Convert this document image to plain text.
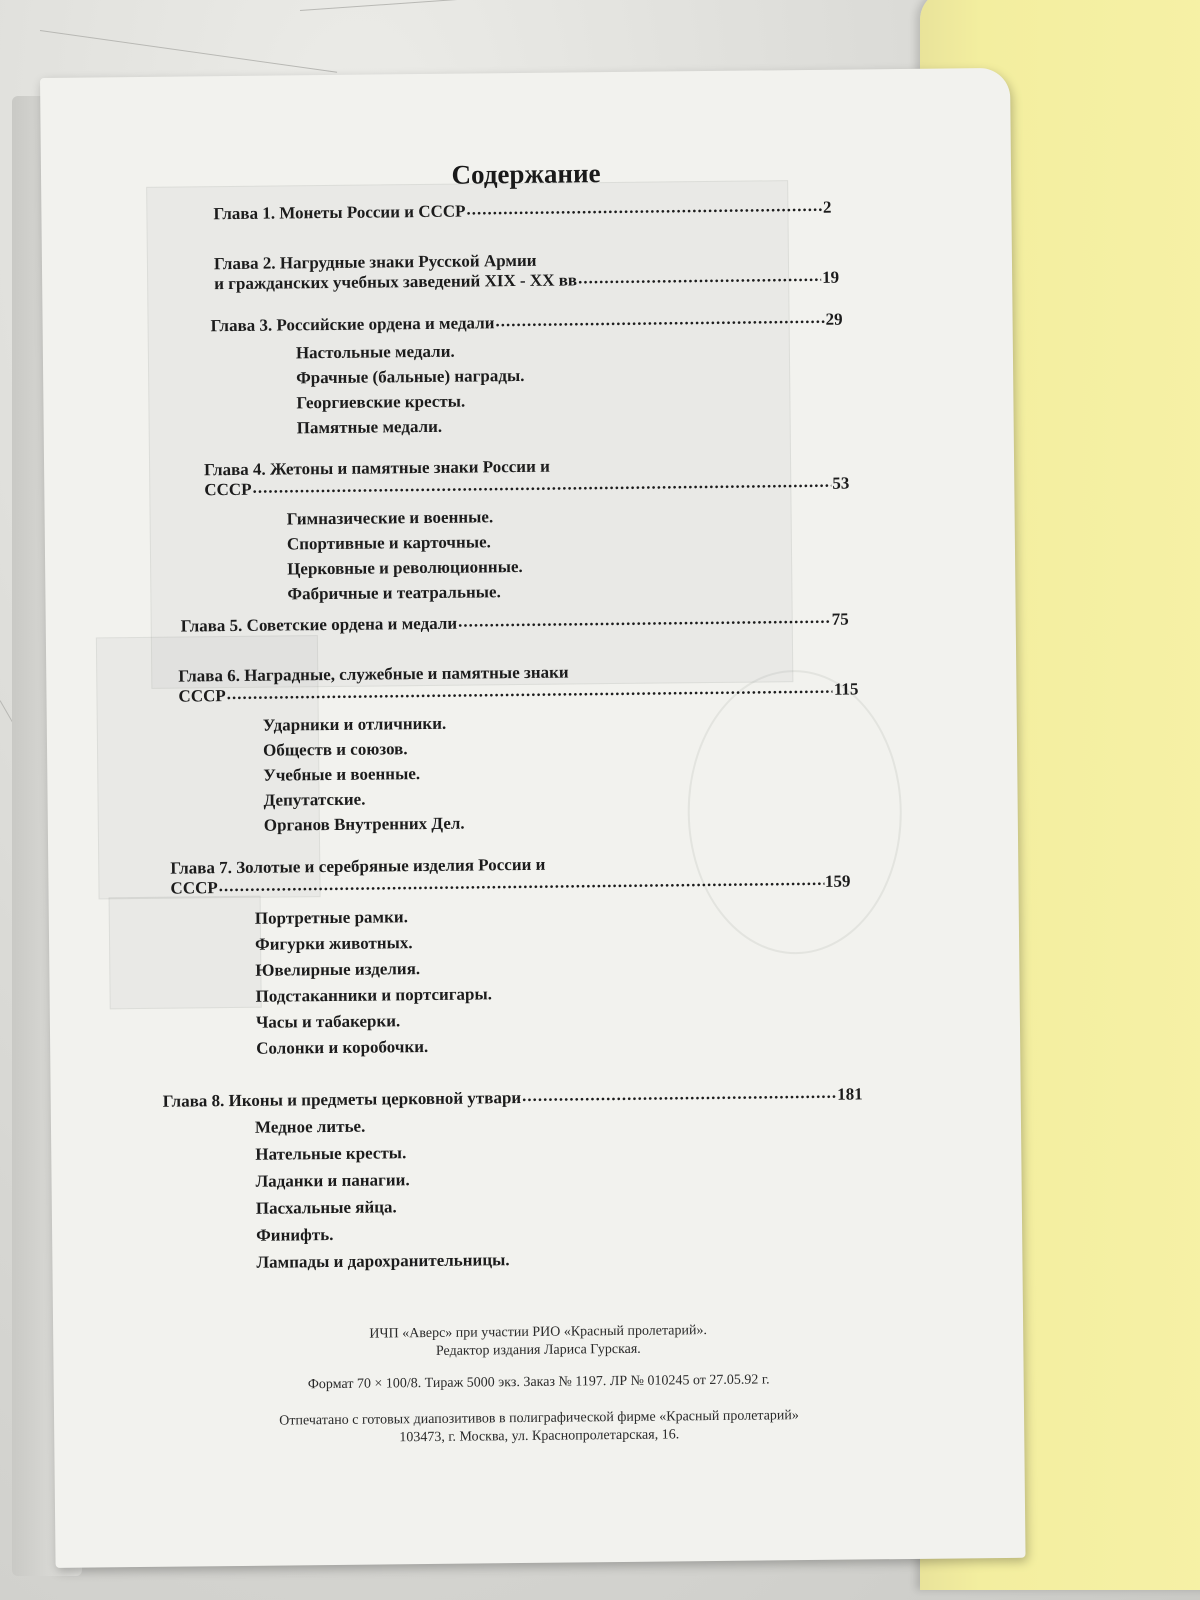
Содержание
Глава 1. Монеты России и СССР .....	2
Глава 2. Нагрудные знаки Русской Армии
и гражданских учебных заведений XIX - XX вв .....	19
Глава 3. Российские ордена и медали .....	29
Настольные медали.
Фрачные (бальные) награды.
Георгиевские кресты.
Памятные медали.
Глава 4. Жетоны и памятные знаки России и
СССР .....	53
Гимназические и военные.
Спортивные и карточные.
Церковные и революционные.
Фабричные и театральные.
Глава 5. Советские ордена и медали .....	75
Глава 6. Наградные, служебные и памятные знаки
СССР .....	115
Ударники и отличники.
Обществ и союзов.
Учебные и военные.
Депутатские.
Органов Внутренних Дел.
Глава 7. Золотые и серебряные изделия России и
СССР .....	159
Портретные рамки.
Фигурки животных.
Ювелирные изделия.
Подстаканники и портсигары.
Часы и табакерки.
Солонки и коробочки.
Глава 8. Иконы и предметы церковной утвари .....	181
Медное литье.
Нательные кресты.
Ладанки и панагии.
Пасхальные яйца.
Финифть.
Лампады и дарохранительницы.
ИЧП «Аверс» при участии РИО «Красный пролетарий».
Редактор издания Лариса Гурская.
Формат 70 × 100/8. Тираж 5000 экз. Заказ № 1197. ЛР № 010245 от 27.05.92 г.
Отпечатано с готовых диапозитивов в полиграфической фирме «Красный пролетарий»
103473, г. Москва, ул. Краснопролетарская, 16.
